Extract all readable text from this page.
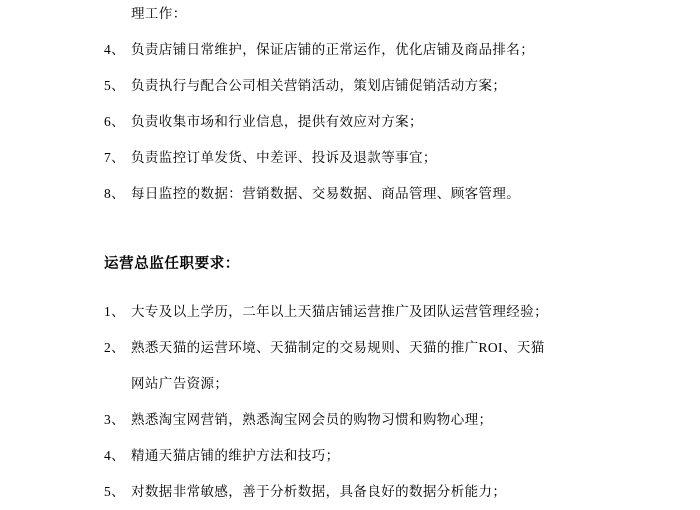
理工作：
4、 负责店铺日常维护，保证店铺的正常运作，优化店铺及商品排名；
5、 负责执行与配合公司相关营销活动，策划店铺促销活动方案；
6、 负责收集市场和行业信息，提供有效应对方案；
7、 负责监控订单发货、中差评、投诉及退款等事宜；
8、 每日监控的数据：营销数据、交易数据、商品管理、顾客管理。
运营总监任职要求：
1、 大专及以上学历，二年以上天猫店铺运营推广及团队运营管理经验；
2、 熟悉天猫的运营环境、天猫制定的交易规则、天猫的推广ROI、天猫
网站广告资源；
3、 熟悉淘宝网营销，熟悉淘宝网会员的购物习惯和购物心理；
4、 精通天猫店铺的维护方法和技巧；
5、 对数据非常敏感，善于分析数据，具备良好的数据分析能力；
